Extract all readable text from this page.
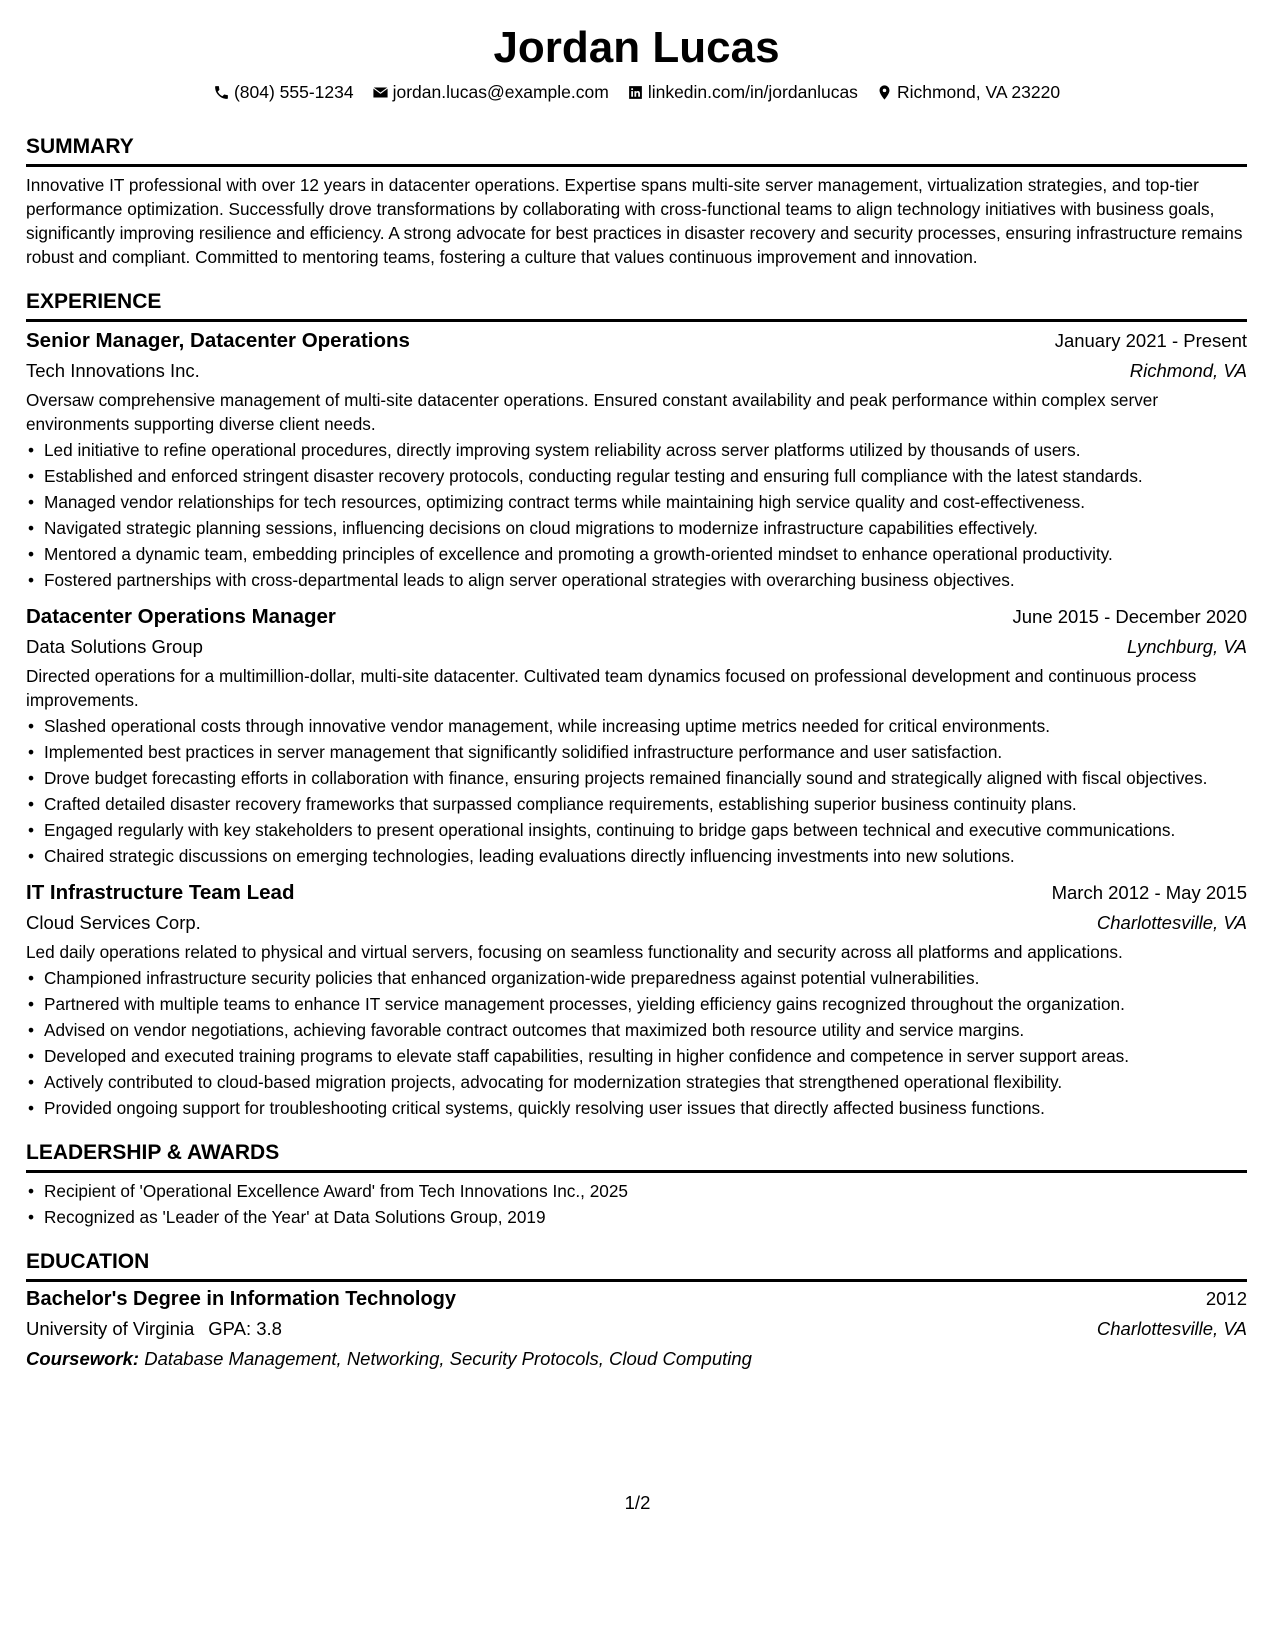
Jordan Lucas
(804) 555-1234 jordan.lucas@example.com linkedin.com/in/jordanlucas Richmond, VA 23220
SUMMARY

Innovative IT professional with over 12 years in datacenter operations. Expertise spans multi-site server management, virtualization strategies, and top-tier performance optimization. Successfully drove transformations by collaborating with cross-functional teams to align technology initiatives with business goals, significantly improving resilience and efficiency. A strong advocate for best practices in disaster recovery and security processes, ensuring infrastructure remains robust and compliant. Committed to mentoring teams, fostering a culture that values continuous improvement and innovation.

EXPERIENCE
Senior Manager, Datacenter Operations	January 2021 - Present
Tech Innovations Inc.	Richmond, VA

Oversaw comprehensive management of multi-site datacenter operations. Ensured constant availability and peak performance within complex server environments supporting diverse client needs.

• Led initiative to refine operational procedures, directly improving system reliability across server platforms utilized by thousands of users.
• Established and enforced stringent disaster recovery protocols, conducting regular testing and ensuring full compliance with the latest standards.
• Managed vendor relationships for tech resources, optimizing contract terms while maintaining high service quality and cost-effectiveness.
• Navigated strategic planning sessions, influencing decisions on cloud migrations to modernize infrastructure capabilities effectively.
• Mentored a dynamic team, embedding principles of excellence and promoting a growth-oriented mindset to enhance operational productivity.
• Fostered partnerships with cross-departmental leads to align server operational strategies with overarching business objectives.
Datacenter Operations Manager	June 2015 - December 2020
Data Solutions Group	Lynchburg, VA

Directed operations for a multimillion-dollar, multi-site datacenter. Cultivated team dynamics focused on professional development and continuous process improvements.

• Slashed operational costs through innovative vendor management, while increasing uptime metrics needed for critical environments.
• Implemented best practices in server management that significantly solidified infrastructure performance and user satisfaction.
• Drove budget forecasting efforts in collaboration with finance, ensuring projects remained financially sound and strategically aligned with fiscal objectives.
• Crafted detailed disaster recovery frameworks that surpassed compliance requirements, establishing superior business continuity plans.
• Engaged regularly with key stakeholders to present operational insights, continuing to bridge gaps between technical and executive communications.
• Chaired strategic discussions on emerging technologies, leading evaluations directly influencing investments into new solutions.
IT Infrastructure Team Lead	March 2012 - May 2015
Cloud Services Corp.	Charlottesville, VA

Led daily operations related to physical and virtual servers, focusing on seamless functionality and security across all platforms and applications.

• Championed infrastructure security policies that enhanced organization-wide preparedness against potential vulnerabilities.
• Partnered with multiple teams to enhance IT service management processes, yielding efficiency gains recognized throughout the organization.
• Advised on vendor negotiations, achieving favorable contract outcomes that maximized both resource utility and service margins.
• Developed and executed training programs to elevate staff capabilities, resulting in higher confidence and competence in server support areas.
• Actively contributed to cloud-based migration projects, advocating for modernization strategies that strengthened operational flexibility.
• Provided ongoing support for troubleshooting critical systems, quickly resolving user issues that directly affected business functions.
LEADERSHIP & AWARDS
• Recipient of 'Operational Excellence Award' from Tech Innovations Inc., 2025
• Recognized as 'Leader of the Year' at Data Solutions Group, 2019
EDUCATION
Bachelor's Degree in Information Technology	2012
University of Virginia GPA: 3.8	Charlottesville, VA
Coursework: Database Management, Networking, Security Protocols, Cloud Computing
1/2
